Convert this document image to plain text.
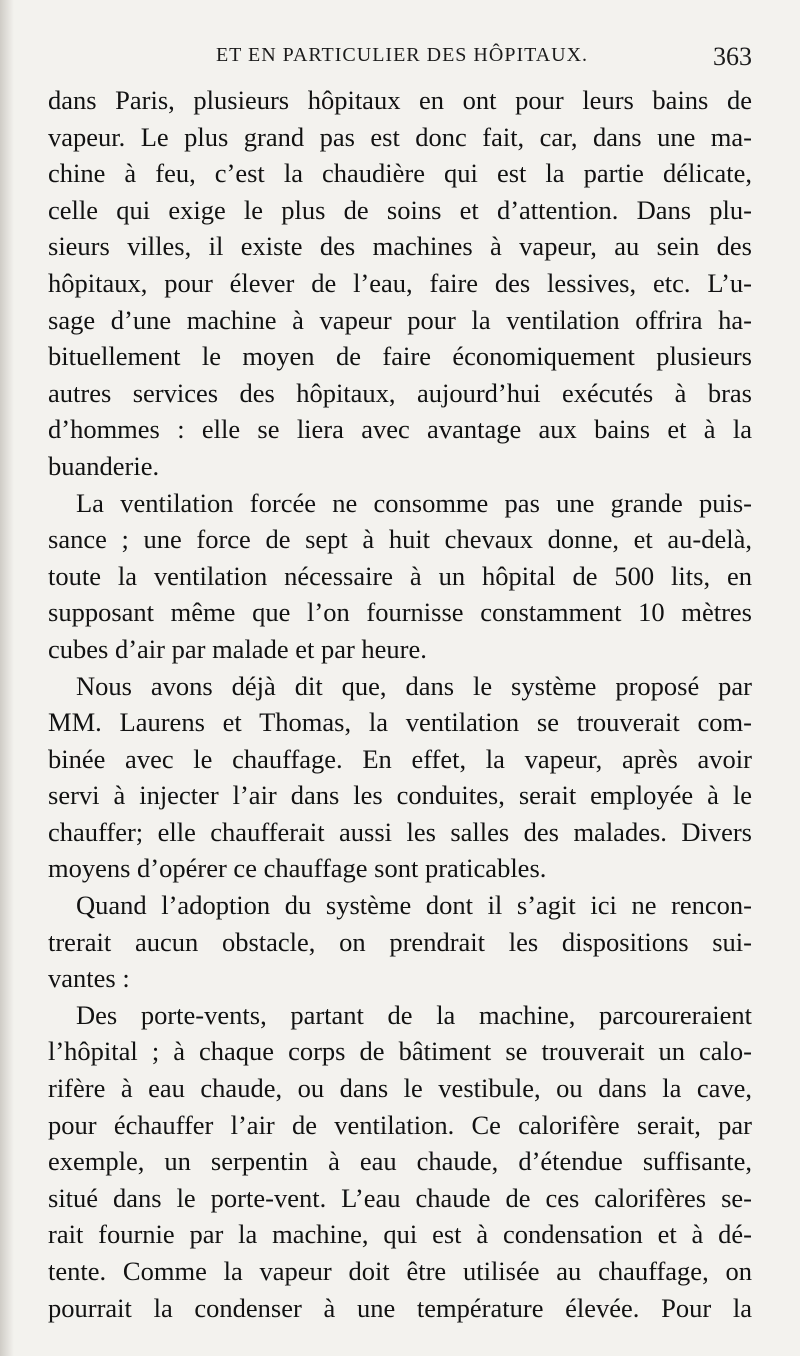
ET EN PARTICULIER DES HÔPITAUX.	363
dans Paris, plusieurs hôpitaux en ont pour leurs bains de
vapeur. Le plus grand pas est donc fait, car, dans une ma-
chine à feu, c’est la chaudière qui est la partie délicate,
celle qui exige le plus de soins et d’attention. Dans plu-
sieurs villes, il existe des machines à vapeur, au sein des
hôpitaux, pour élever de l’eau, faire des lessives, etc. L’u-
sage d’une machine à vapeur pour la ventilation offrira ha-
bituellement le moyen de faire économiquement plusieurs
autres services des hôpitaux, aujourd’hui exécutés à bras
d’hommes : elle se liera avec avantage aux bains et à la
buanderie.
La ventilation forcée ne consomme pas une grande puis-
sance ; une force de sept à huit chevaux donne, et au-delà,
toute la ventilation nécessaire à un hôpital de 500 lits, en
supposant même que l’on fournisse constamment 10 mètres
cubes d’air par malade et par heure.
Nous avons déjà dit que, dans le système proposé par
MM. Laurens et Thomas, la ventilation se trouverait com-
binée avec le chauffage. En effet, la vapeur, après avoir
servi à injecter l’air dans les conduites, serait employée à le
chauffer; elle chaufferait aussi les salles des malades. Divers
moyens d’opérer ce chauffage sont praticables.
Quand l’adoption du système dont il s’agit ici ne rencon-
trerait aucun obstacle, on prendrait les dispositions sui-
vantes :
Des porte-vents, partant de la machine, parcoureraient
l’hôpital ; à chaque corps de bâtiment se trouverait un calo-
rifère à eau chaude, ou dans le vestibule, ou dans la cave,
pour échauffer l’air de ventilation. Ce calorifère serait, par
exemple, un serpentin à eau chaude, d’étendue suffisante,
situé dans le porte-vent. L’eau chaude de ces calorifères se-
rait fournie par la machine, qui est à condensation et à dé-
tente. Comme la vapeur doit être utilisée au chauffage, on
pourrait la condenser à une température élevée. Pour la
